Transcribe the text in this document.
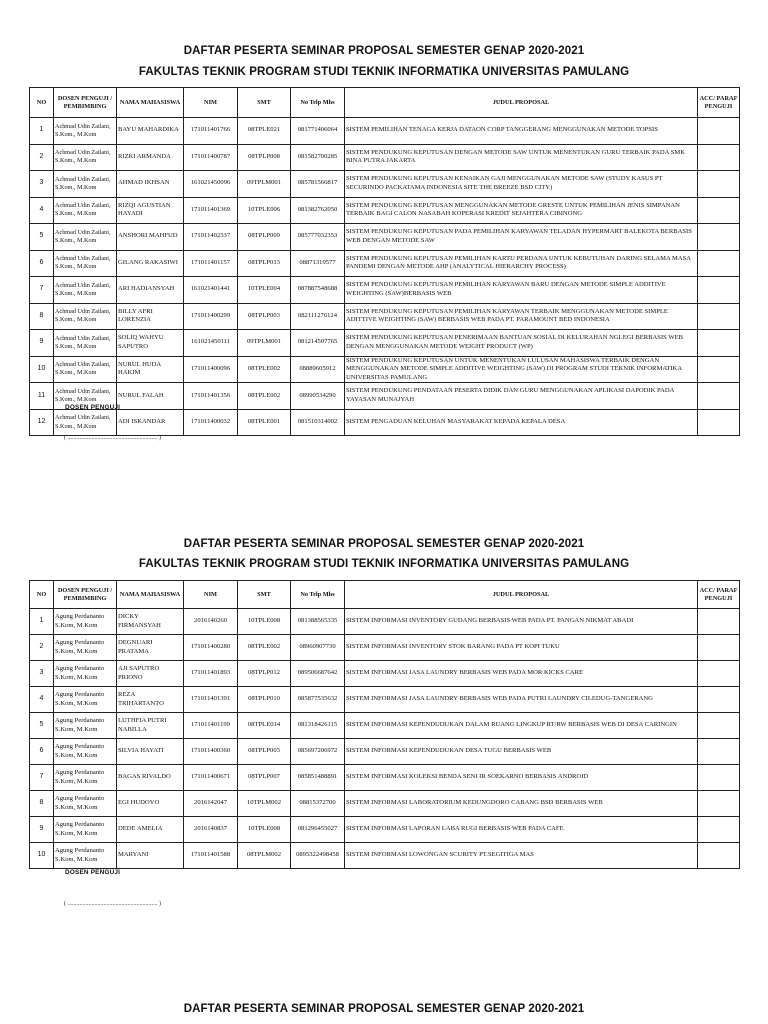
DAFTAR PESERTA SEMINAR PROPOSAL SEMESTER GENAP 2020-2021
FAKULTAS TEKNIK PROGRAM STUDI TEKNIK INFORMATIKA UNIVERSITAS PAMULANG
NO	DOSEN PENGUJI / PEMBIMBING	NAMA MAHASISWA	NIM	SMT	No Telp Mhs	JUDUL PROPOSAL	ACC/ PARAF PENGUJI
1	Achmad Udin Zailani, S.Kom., M.Kom	BAYU MAHARDIKA	171011401766	08TPLE021	081771406064	SISTEM PEMILIHAN TENAGA KERJA DATAON CORP TANGGERANG MENGGUNAKAN METODE TOPSIS	
2	Achmad Udin Zailani, S.Kom., M.Kom	RIZKI ARMANDA	171011400787	08TPLP008	081582700285	SISTEM PENDUKUNG KEPUTUSAN DENGAN METODE SAW UNTUK MENENTUKAN GURU TERBAIK PADA SMK BINA PUTRA JAKARTA	
3	Achmad Udin Zailani, S.Kom., M.Kom	AHMAD IKHSAN	161021450096	09TPLM001	085781566817	SISTEM PENDUKUNG KEPUTUSAN KENAIKAN GAJI MENGGUNAKAN METODE SAW (STUDY KASUS PT SECURINDO PACKATAMA INDONESIA SITE THE BREEZE BSD CITY)	
4	Achmad Udin Zailani, S.Kom., M.Kom	RIZQI AGUSTIAN HAYADI	171011401369	10TPLE006	081382762050	SISTEM PENDUKUNG KEPUTUSAN MENGGUNAKAN METODE GRESTE UNTUK PEMILIHAN JENIS SIMPANAN TERBAIK BAGI CALON NASABAH KOPERASI KREDIT SEJAHTERA CIBINONG	
5	Achmad Udin Zailani, S.Kom., M.Kom	ANSHORI MAHFUD	171011402337	08TPLP009	085777032353	SISTEM PENDUKUNG KEPUTUSAN PADA PEMILIHAN KARYAWAN TELADAN HYPERMART BALEKOTA BERBASIS WEB DENGAN METODE SAW	
6	Achmad Udin Zailani, S.Kom., M.Kom	GILANG RAKASIWI	171011401157	08TPLP013	08871319577	SISTEM PENDUKUNG KEPUTUSAN PEMILIHAN KARTU PERDANA UNTUK KEBUTUHAN DARING SELAMA MASA PANDEMI DENGAN METODE AHP (ANALYTICAL HIERARCHY PROCESS)	
7	Achmad Udin Zailani, S.Kom., M.Kom	ARI HADIANSYAH	161021401441	10TPLE004	087887548688	SISTEM PENDUKUNG KEPUTUSAN PEMILIHAN KARYAWAN BARU DENGAN METODE SIMPLE ADDITIVE WEIGHTING (SAW)BERBASIS WEB	
8	Achmad Udin Zailani, S.Kom., M.Kom	BILLY AFRI LORENZIA	171011400299	08TPLP003	082111276124	SISTEM PENDUKUNG KEPUTUSAN PEMILIHAN KARYAWAN TERBAIK MENGGUNAKAN METODE SIMPLE ADITTIVE WEIGHTING (SAW) BERBASIS WEB PADA PT. PARAMOUNT BED INDONESIA	
9	Achmad Udin Zailani, S.Kom., M.Kom	SOLIQ WAHYU SAPUTRO	161021450111	09TPLM001	081214507765	SISTEM PENDUKUNG KEPUTUSAN PENERIMAAN BANTUAN SOSIAL DI KELURAHAN NGLEGI BERBASIS WEB DENGAN MENGGUNAKAN METODE WEIGHT PRODUCT (WP)	
10	Achmad Udin Zailani, S.Kom., M.Kom	NURUL HUDA HAKIM	171011400096	08TPLE002	08889605912	SISTEM PENDUKUNG KEPUTUSAN UNTUK MENENTUKAN LULUSAN MAHASISWA TERBAIK DENGAN MENGGUNAKAN METODE SIMPLE ADDITIVE WEIGHTING (SAW) DI PROGRAM STUDI TEKNIK INFORMATIKA UNIVERSITAS PAMULANG	
11	Achmad Udin Zailani, S.Kom., M.Kom	NURUL FALAH	171011401356	08TPLE002	08990534290	SISTEM PENDUKUNG PENDATAAN PESERTA DIDIK DAN GURU MENGGUNAKAN APLIKASI DAPODIK PADA YAYASAN MUNAJYAH	
12	Achmad Udin Zailani, S.Kom., M.Kom	ADI ISKANDAR	171011400032	08TPLE001	081510314002	SISTEM PENGADUAN KELUHAN MASYARAKAT KEPADA KEPALA DESA	
DOSEN PENGUJI
( ............................................................ )
DAFTAR PESERTA SEMINAR PROPOSAL SEMESTER GENAP 2020-2021
FAKULTAS TEKNIK PROGRAM STUDI TEKNIK INFORMATIKA UNIVERSITAS PAMULANG
NO	DOSEN PENGUJI / PEMBIMBING	NAMA MAHASISWA	NIM	SMT	No Telp Mhs	JUDUL PROPOSAL	ACC/ PARAF PENGUJI
1	Agung Perdananto S.Kom, M.Kom	DICKY FIRMANSYAH	2016140260	10TPLE008	081388565335	SISTEM INFORMASI INVENTORY GUDANG BERBASIS WEB PADA PT. PANGAN NIKMAT ABADI	
2	Agung Perdananto S.Kom, M.Kom	DEGNUARI PRATAMA	171011400280	08TPLE002	08960907730	SISTEM INFORMASI INVENTORY STOK BARANG PADA PT KOPI TUKU	
3	Agung Perdananto S.Kom, M.Kom	AJI SAPUTRO PRIONO	171011401893	08TPLP012	089506687642	SISTEM INFORMASI JASA LAUNDRY BERBASIS WEB PADA MOR KICKS CARE	
4	Agung Perdananto S.Kom, M.Kom	REZA TRIHARTANTO	171011401391	08TPLP010	085877535632	SISTEM INFORMASI JASA LAUNDRY BERBASIS WEB PADA PUTRI LAUNDRY CILEDUG-TANGERANG	
5	Agung Perdananto S.Kom, M.Kom	LUTHFIA PUTRI NABILLA	171011401199	08TPLE014	081318426115	SISTEM INFORMASI KEPENDUDUKAN DALAM RUANG LINGKUP RT/RW BERBASIS WEB DI DESA CARINGIN	
6	Agung Perdananto S.Kom, M.Kom	SILVIA HAYATI	171011400360	08TPLP003	085697206972	SISTEM INFORMASI KEPENDUDUKAN DESA TUGU BERBASIS WEB	
7	Agung Perdananto S.Kom, M.Kom	BAGAS RIVALDO	171011400671	08TPLP007	085851488891	SISTEM INFORMASI KOLEKSI BENDA SENI IR SOEKARNO BERBASIS ANDROID	
8	Agung Perdananto S.Kom, M.Kom	EGI HUDOYO	2016142047	10TPLM002	08815372700	SISTEM INFORMASI LABORATORIUM KEDUNGDORO CABANG BSD BERBASIS WEB	
9	Agung Perdananto S.Kom, M.Kom	DEDE AMELIA	2016140837	10TPLE008	081296455027	SISTEM INFORMASI LAPORAN LABA RUGI BERBASIS WEB PADA CAFE	
10	Agung Perdananto S.Kom, M.Kom	MARYANI	171011401588	08TPLM002	0895322498458	SISTEM INFORMASI LOWONGAN SCURITY PT.SEGITIGA MAS	
DOSEN PENGUJI
( ............................................................ )
DAFTAR PESERTA SEMINAR PROPOSAL SEMESTER GENAP 2020-2021
